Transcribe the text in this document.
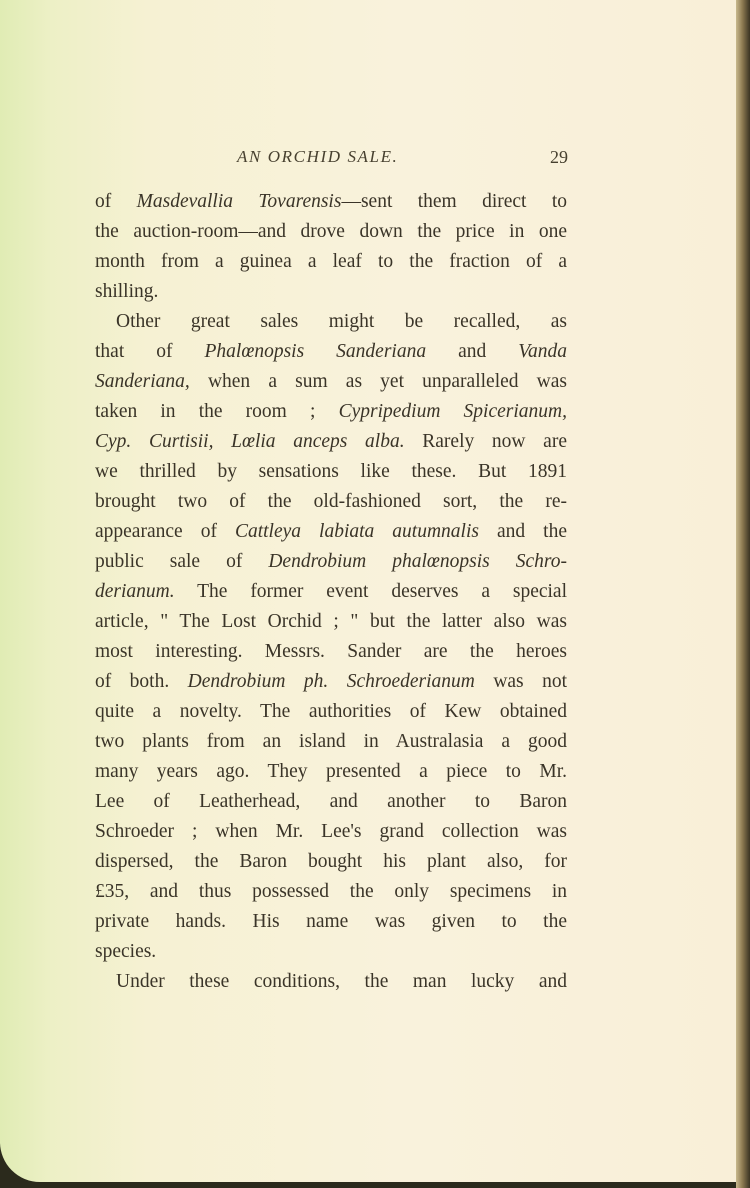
AN ORCHID SALE.	29
of Masdevallia Tovarensis—sent them direct to
the auction-room—and drove down the price in one
month from a guinea a leaf to the fraction of a
shilling.
Other great sales might be recalled, as
that of Phalœnopsis Sanderiana and Vanda
Sanderiana, when a sum as yet unparalleled was
taken in the room ; Cypripedium Spicerianum,
Cyp. Curtisii, Lœlia anceps alba. Rarely now are
we thrilled by sensations like these. But 1891
brought two of the old-fashioned sort, the re-
appearance of Cattleya labiata autumnalis and the
public sale of Dendrobium phalœnopsis Schro-
derianum. The former event deserves a special
article, " The Lost Orchid ; " but the latter also was
most interesting. Messrs. Sander are the heroes
of both. Dendrobium ph. Schroederianum was not
quite a novelty. The authorities of Kew obtained
two plants from an island in Australasia a good
many years ago. They presented a piece to Mr.
Lee of Leatherhead, and another to Baron
Schroeder ; when Mr. Lee's grand collection was
dispersed, the Baron bought his plant also, for
£35, and thus possessed the only specimens in
private hands. His name was given to the
species.
Under these conditions, the man lucky and
